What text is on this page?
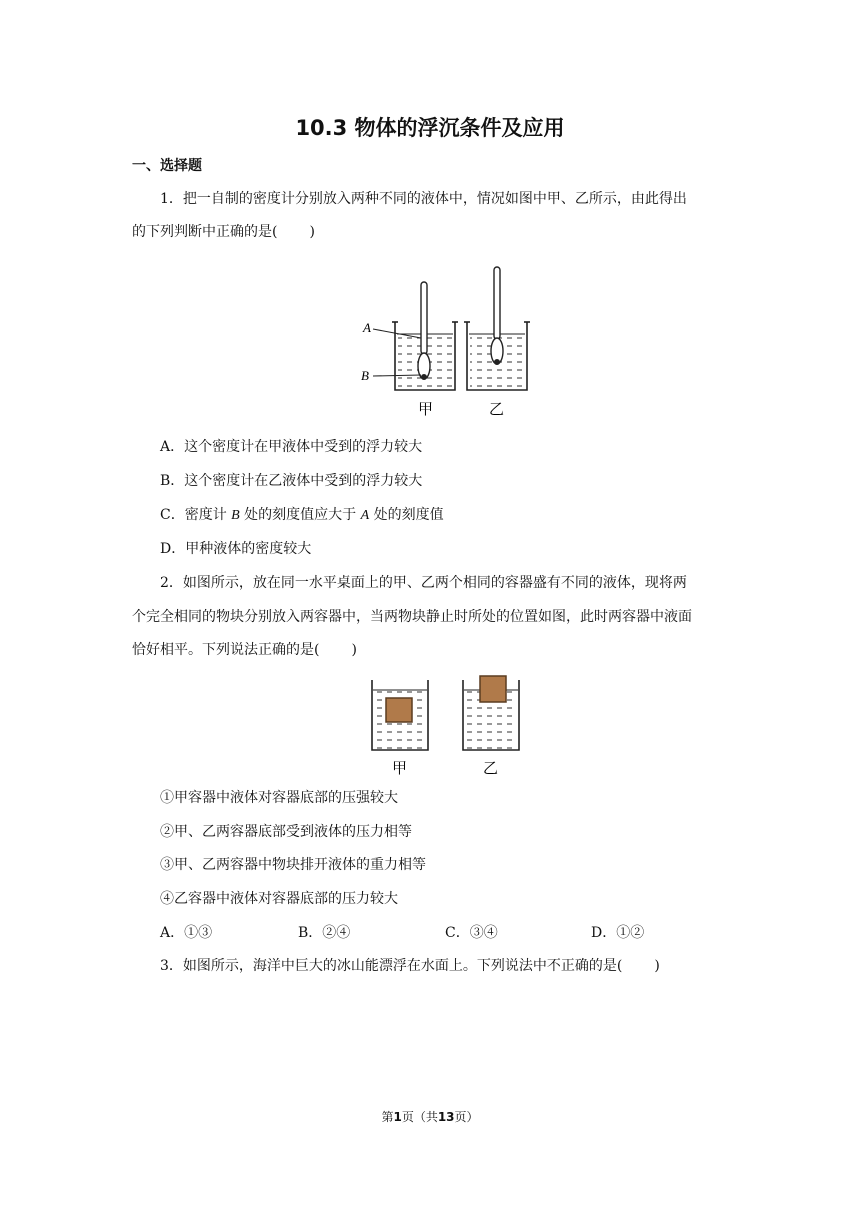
10.3 物体的浮沉条件及应用
一、选择题
1．把一自制的密度计分别放入两种不同的液体中，情况如图中甲、乙所示，由此得出
的下列判断中正确的是( )
A
B
甲	乙
A．这个密度计在甲液体中受到的浮力较大
B．这个密度计在乙液体中受到的浮力较大
C．密度计 B 处的刻度值应大于 A 处的刻度值
D．甲种液体的密度较大
2．如图所示，放在同一水平桌面上的甲、乙两个相同的容器盛有不同的液体，现将两
个完全相同的物块分别放入两容器中，当两物块静止时所处的位置如图，此时两容器中液面
恰好相平。下列说法正确的是( )
甲	乙
①甲容器中液体对容器底部的压强较大
②甲、乙两容器底部受到液体的压力相等
③甲、乙两容器中物块排开液体的重力相等
④乙容器中液体对容器底部的压力较大
A．①③	B．②④	C．③④	D．①②
3．如图所示，海洋中巨大的冰山能漂浮在水面上。下列说法中不正确的是( )
第1页（共13页）
